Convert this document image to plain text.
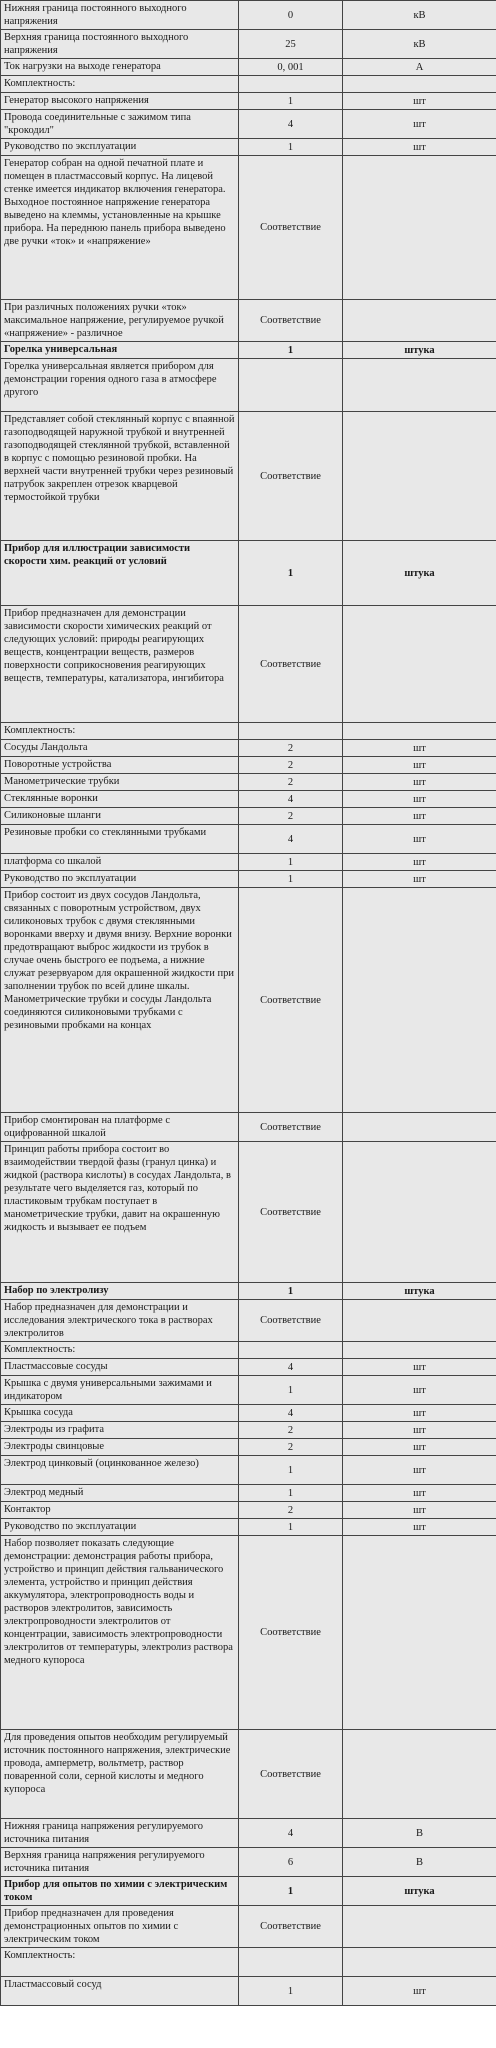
Нижняя граница постоянного выходного напряжения	0	кВ
Верхняя граница постоянного выходного напряжения	25	кВ
Ток нагрузки на выходе генератора	0, 001	А
Комплектность:		
Генератор высокого напряжения	1	шт
Провода соединительные с зажимом типа "крокодил"	4	шт
Руководство по эксплуатации	1	шт
Генератор собран на одной печатной плате и помещен в пластмассовый корпус. На лицевой стенке имеется индикатор включения генератора. Выходное постоянное напряжение генератора выведено на клеммы, установленные на крышке прибора. На переднюю панель прибора выведено две ручки «ток» и «напряжение»	Соответствие	
При различных положениях ручки «ток» максимальное напряжение, регулируемое ручкой «напряжение» - различное	Соответствие	
Горелка универсальная	1	штука
Горелка универсальная является прибором для демонстрации горения одного газа в атмосфере другого		
Представляет собой стеклянный корпус с впаянной газоподводящей наружной трубкой и внутренней газоподводящей стеклянной трубкой, вставленной в корпус с помощью резиновой пробки. На верхней части внутренней трубки через резиновый патрубок закреплен отрезок кварцевой термостойкой трубки	Соответствие	
Прибор для иллюстрации зависимости скорости хим. реакций от условий	1	штука
Прибор предназначен для демонстрации зависимости скорости химических реакций от следующих условий: природы реагирующих веществ, концентрации веществ, размеров поверхности соприкосновения реагирующих веществ, температуры, катализатора, ингибитора	Соответствие	
Комплектность:		
Сосуды Ландольта	2	шт
Поворотные устройства	2	шт
Манометрические трубки	2	шт
Стеклянные воронки	4	шт
Силиконовые шланги	2	шт
Резиновые пробки со стеклянными трубками	4	шт
платформа со шкалой	1	шт
Руководство по эксплуатации	1	шт
Прибор состоит из двух сосудов Ландольта, связанных с поворотным устройством, двух силиконовых трубок с двумя стеклянными воронками вверху и двумя внизу. Верхние воронки предотвращают выброс жидкости из трубок в случае очень быстрого ее подъема, а нижние служат резервуаром для окрашенной жидкости при заполнении трубок по всей длине шкалы. Манометрические трубки и сосуды Ландольта соединяются силиконовыми трубками с резиновыми пробками на концах	Соответствие	
Прибор смонтирован на платформе с оцифрованной шкалой	Соответствие	
Принцип работы прибора состоит во взаимодействии твердой фазы (гранул цинка) и жидкой (раствора кислоты) в сосудах Ландольта, в результате чего выделяется газ, который по пластиковым трубкам поступает в манометрические трубки, давит на окрашенную жидкость и вызывает ее подъем	Соответствие	
Набор по электролизу	1	штука
Набор предназначен для демонстрации и исследования электрического тока в растворах электролитов	Соответствие	
Комплектность:		
Пластмассовые сосуды	4	шт
Крышка с двумя универсальными зажимами и индикатором	1	шт
Крышка сосуда	4	шт
Электроды из графита	2	шт
Электроды свинцовые	2	шт
Электрод цинковый (оцинкованное железо)	1	шт
Электрод медный	1	шт
Контактор	2	шт
Руководство по эксплуатации	1	шт
Набор позволяет показать следующие демонстрации: демонстрация работы прибора, устройство и принцип действия гальванического элемента, устройство и принцип действия аккумулятора, электропроводность воды и растворов электролитов, зависимость электропроводности электролитов от концентрации, зависимость электропроводности электролитов от температуры, электролиз раствора медного купороса	Соответствие	
Для проведения опытов необходим регулируемый источник постоянного напряжения, электрические провода, амперметр, вольтметр, раствор поваренной соли, серной кислоты и медного купороса	Соответствие	
Нижняя граница напряжения регулируемого источника питания	4	В
Верхняя граница напряжения регулируемого источника питания	6	В
Прибор для опытов по химии с электрическим током	1	штука
Прибор предназначен для проведения демонстрационных опытов по химии с электрическим током	Соответствие	
Комплектность:		
Пластмассовый сосуд	1	шт
